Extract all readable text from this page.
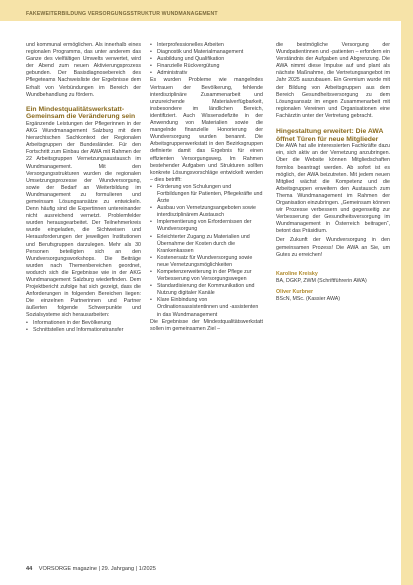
FAKEWEITERBILDUNG VERSORGUNGSSTRUKTUR WUNDMANAGEMENT

und kommunal ermöglichen. Als innerhalb eines regionalen Programms, das unter anderem das Ganze des vielfältigen Umwelts verwertet, wird der Abend zum neuen Aktivierungsprozess gebunden. Der Basisdiagnosebereich des Pflegeteams Nachweisliste der Ergebnisse dem Erhalt von Verbündungen im Bereich der Wundbehandlung zu fördern.

Ein Mindestqualitätswerkstatt-Gemeinsam die Veränderung sein

Ergänzende Leistungen der Pflegerinnen in der AKG Wundmanagement Salzburg mit dem hierarchischen Sachkontext der Regionalen Arbeitsgruppen der Bundesländer. Für den Fortschritt zum Einbau der AWA mit Rahmen der 22 Arbeitsgruppen Vernetzungsaustausch im Wundmanagement. Mit den Versorgungsstrukturen wurden die regionalen Umsetzungsprozesse der Wundversorgung, sowie der Bedarf an Weiterbildung im Wundmanagement zu formulieren und gemeinsam Lösungsansätze zu entwickeln. Denn häufig sind die Expertinnen untereinander nicht ausreichend vernetzt. Problemfelder wurden herausgearbeitet. Der Teilnehmerkreis wurde eingeladen, die Sichtweisen und Herausforderungen der jeweiligen Institutionen und Berufsgruppen darzulegen. Mehr als 30 Personen beteiligten sich an den Wundversorgungsworkshops. Die Beiträge wurden nach Themenbereichen geordnet, wodurch sich die Ergebnisse wie in der AKG Wundmanagement Salzburg wiederfinden. Dem Projektbericht zufolge hat sich gezeigt, dass die Anforderungen in folgenden Bereichen liegen: Die einzelnen Partnerinnen und Partner äußerten folgende Schwerpunkte und Sozialsysteme sich herausarbeiten:

• Informationen in der Bevölkerung
• Schnittstellen und Informationstransfer
• Interprofessionelles Arbeiten
• Diagnostik und Materialmanagement
• Ausbildung und Qualifikation
• Finanzielle Rückvergütung
• Administrativ

Es wurden Probleme wie mangelndes Vertrauen der Bevölkerung, fehlende interdisziplinäre Zusammenarbeit und unzureichende Materialverfügbarkeit, insbesondere im ländlichen Bereich, identifiziert. Auch Wissensdefizite in der Anwendung von Materialien sowie die mangelnde finanzielle Honorierung der Wundversorgung wurden benannt. Die Arbeitsgruppenwerkstatt in den Bezirksgruppen definierte damit das Ergebnis für einen effizienten Versorgungsweg. Im Rahmen bestehender Aufgaben und Strukturen sollten konkrete Lösungsvorschläge entwickelt werden – dies betrifft:

• Förderung von Schulungen und Fortbildungen für Patienten, Pflegekräfte und Ärzte
• Ausbau von Vernetzungsangeboten sowie interdisziplinärem Austausch
• Implementierung von Erfordernissen der Wundversorgung
• Erleichterter Zugang zu Materialien und Übernahme der Kosten durch die Krankenkassen
• Kostenersatz für Wundversorgung sowie neue Vernetzungsmöglichkeiten
• Kompetenzerweiterung in der Pflege zur Verbesserung von Versorgungswegen
• Standardisierung der Kommunikation und Nutzung digitaler Kanäle
• Klare Einbindung von Ordinationsassistentinnen und -assistenten in das Wundmanagement

Die Ergebnisse der Mindestqualitätswerkstatt sollen im gemeinsamen Ziel –

die bestmögliche Versorgung der Wundpatientinnen und -patienten – erfordern ein Verständnis der Aufgaben und Abgrenzung. Die AWA nimmt diese Impulse auf und plant als nächste Maßnahme, die Vertretungsangebot im Jahr 2025 auszubauen. Ein Gremium wurde mit der Bildung von Arbeitsgruppen aus dem Bereich Gesundheitsversorgung zu dem Lösungsansatz im engen Zusammenarbeit mit regionalen Vereinen und Organisationen eine Fachärztin unter der Vertretung gebracht.

Hingestaltung erweitert: Die AWA öffnet Türen für neue Mitglieder

Die AWA hat alle interessierten Fachkräfte dazu ein, sich aktiv an der Vernetzung anzubringen. Über die Website können Mitgliedschaften formlos beantragt werden. Ab sofort ist es möglich, der AWA beizutreten. Mit jedem neuen Mitglied wächst die Kompetenz und die Arbeitsgruppen erweitern den Austausch zum Thema Wundmanagement im Rahmen der Organisation einzubringen. „Gemeinsam können wir Prozesse verbessern und gegenseitig zur Verbesserung der Gesundheitsversorgung im Wundmanagement in Österreich beitragen“, betont das Präsidium.

Der Zukunft der Wundversorgung in den gemeinsamen Prozess! Die AWA an Sie, um Gutes zu erreichen!

Karoline Kreisky
BA, DGKP, ZWM (Schriftführerin AWA)
Oliver Kurbner
BScN, MSc. (Kassier AWA)
44 VORSORGE magazine | 29. Jahrgang | 1/2025
